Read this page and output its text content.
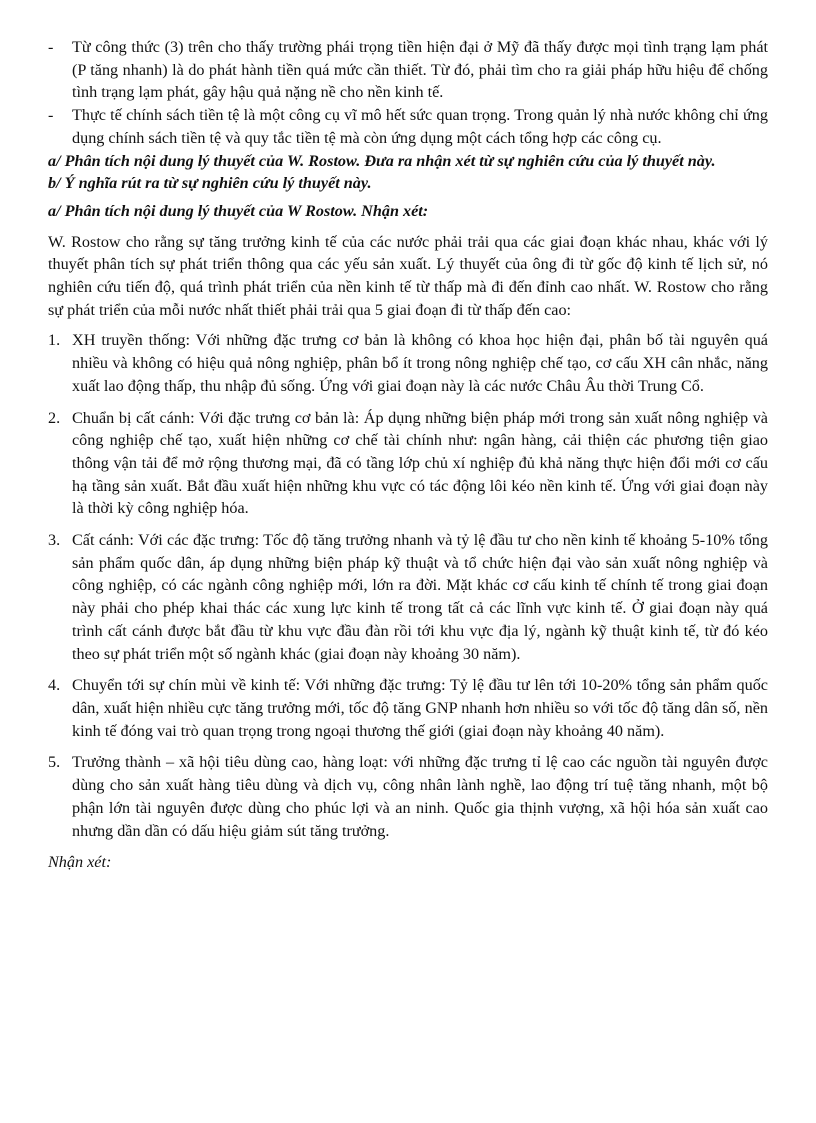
-	Từ công thức (3) trên cho thấy trường phái trọng tiền hiện đại ở Mỹ đã thấy được mọi tình trạng lạm phát (P tăng nhanh) là do phát hành tiền quá mức cần thiết. Từ đó, phải tìm cho ra giải pháp hữu hiệu để chống tình trạng lạm phát, gây hậu quả nặng nề cho nền kinh tế.
-	Thực tế chính sách tiền tệ là một công cụ vĩ mô hết sức quan trọng. Trong quản lý nhà nước không chỉ ứng dụng chính sách tiền tệ và quy tắc tiền tệ mà còn ứng dụng một cách tổng hợp các công cụ.

a/ Phân tích nội dung lý thuyết của W. Rostow. Đưa ra nhận xét từ sự nghiên cứu của lý thuyết này.

b/ Ý nghĩa rút ra từ sự nghiên cứu lý thuyết này.

a/ Phân tích nội dung lý thuyết của W Rostow. Nhận xét:

W. Rostow cho rằng sự tăng trưởng kinh tế của các nước phải trải qua các giai đoạn khác nhau, khác với lý thuyết phân tích sự phát triển thông qua các yếu sản xuất. Lý thuyết của ông đi từ gốc độ kinh tế lịch sử, nó nghiên cứu tiến độ, quá trình phát triển của nền kinh tế từ thấp mà đi đến đỉnh cao nhất. W. Rostow cho rằng sự phát triển của mỗi nước nhất thiết phải trải qua 5 giai đoạn đi từ thấp đến cao:

1. XH truyền thống: Với những đặc trưng cơ bản là không có khoa học hiện đại, phân bố tài nguyên quá nhiều và không có hiệu quả nông nghiệp, phân bổ ít trong nông nghiệp chế tạo, cơ cấu XH cân nhắc, năng xuất lao động thấp, thu nhập đủ sống. Ứng với giai đoạn này là các nước Châu Âu thời Trung Cổ.
2. Chuẩn bị cất cánh: Với đặc trưng cơ bản là: Áp dụng những biện pháp mới trong sản xuất nông nghiệp và công nghiệp chế tạo, xuất hiện những cơ chế tài chính như: ngân hàng, cải thiện các phương tiện giao thông vận tải để mở rộng thương mại, đã có tầng lớp chủ xí nghiệp đủ khả năng thực hiện đổi mới cơ cấu hạ tầng sản xuất. Bắt đầu xuất hiện những khu vực có tác động lôi kéo nền kinh tế. Ứng với giai đoạn này là thời kỳ công nghiệp hóa.
3. Cất cánh: Với các đặc trưng: Tốc độ tăng trưởng nhanh và tỷ lệ đầu tư cho nền kinh tế khoảng 5-10% tổng sản phẩm quốc dân, áp dụng những biện pháp kỹ thuật và tổ chức hiện đại vào sản xuất nông nghiệp và công nghiệp, có các ngành công nghiệp mới, lớn ra đời. Mặt khác cơ cấu kinh tế chính tế trong giai đoạn này phải cho phép khai thác các xung lực kinh tế trong tất cả các lĩnh vực kinh tế. Ở giai đoạn này quá trình cất cánh được bắt đầu từ khu vực đầu đàn rồi tới khu vực địa lý, ngành kỹ thuật kinh tế, từ đó kéo theo sự phát triển một số ngành khác (giai đoạn này khoảng 30 năm).
4. Chuyển tới sự chín mùi về kinh tế: Với những đặc trưng: Tỷ lệ đầu tư lên tới 10-20% tổng sản phẩm quốc dân, xuất hiện nhiều cực tăng trưởng mới, tốc độ tăng GNP nhanh hơn nhiều so với tốc độ tăng dân số, nền kinh tế đóng vai trò quan trọng trong ngoại thương thế giới (giai đoạn này khoảng 40 năm).
5. Trưởng thành – xã hội tiêu dùng cao, hàng loạt: với những đặc trưng tỉ lệ cao các nguồn tài nguyên được dùng cho sản xuất hàng tiêu dùng và dịch vụ, công nhân lành nghề, lao động trí tuệ tăng nhanh, một bộ phận lớn tài nguyên được dùng cho phúc lợi và an ninh. Quốc gia thịnh vượng, xã hội hóa sản xuất cao nhưng dần dần có dấu hiệu giảm sút tăng trưởng.

Nhận xét:
